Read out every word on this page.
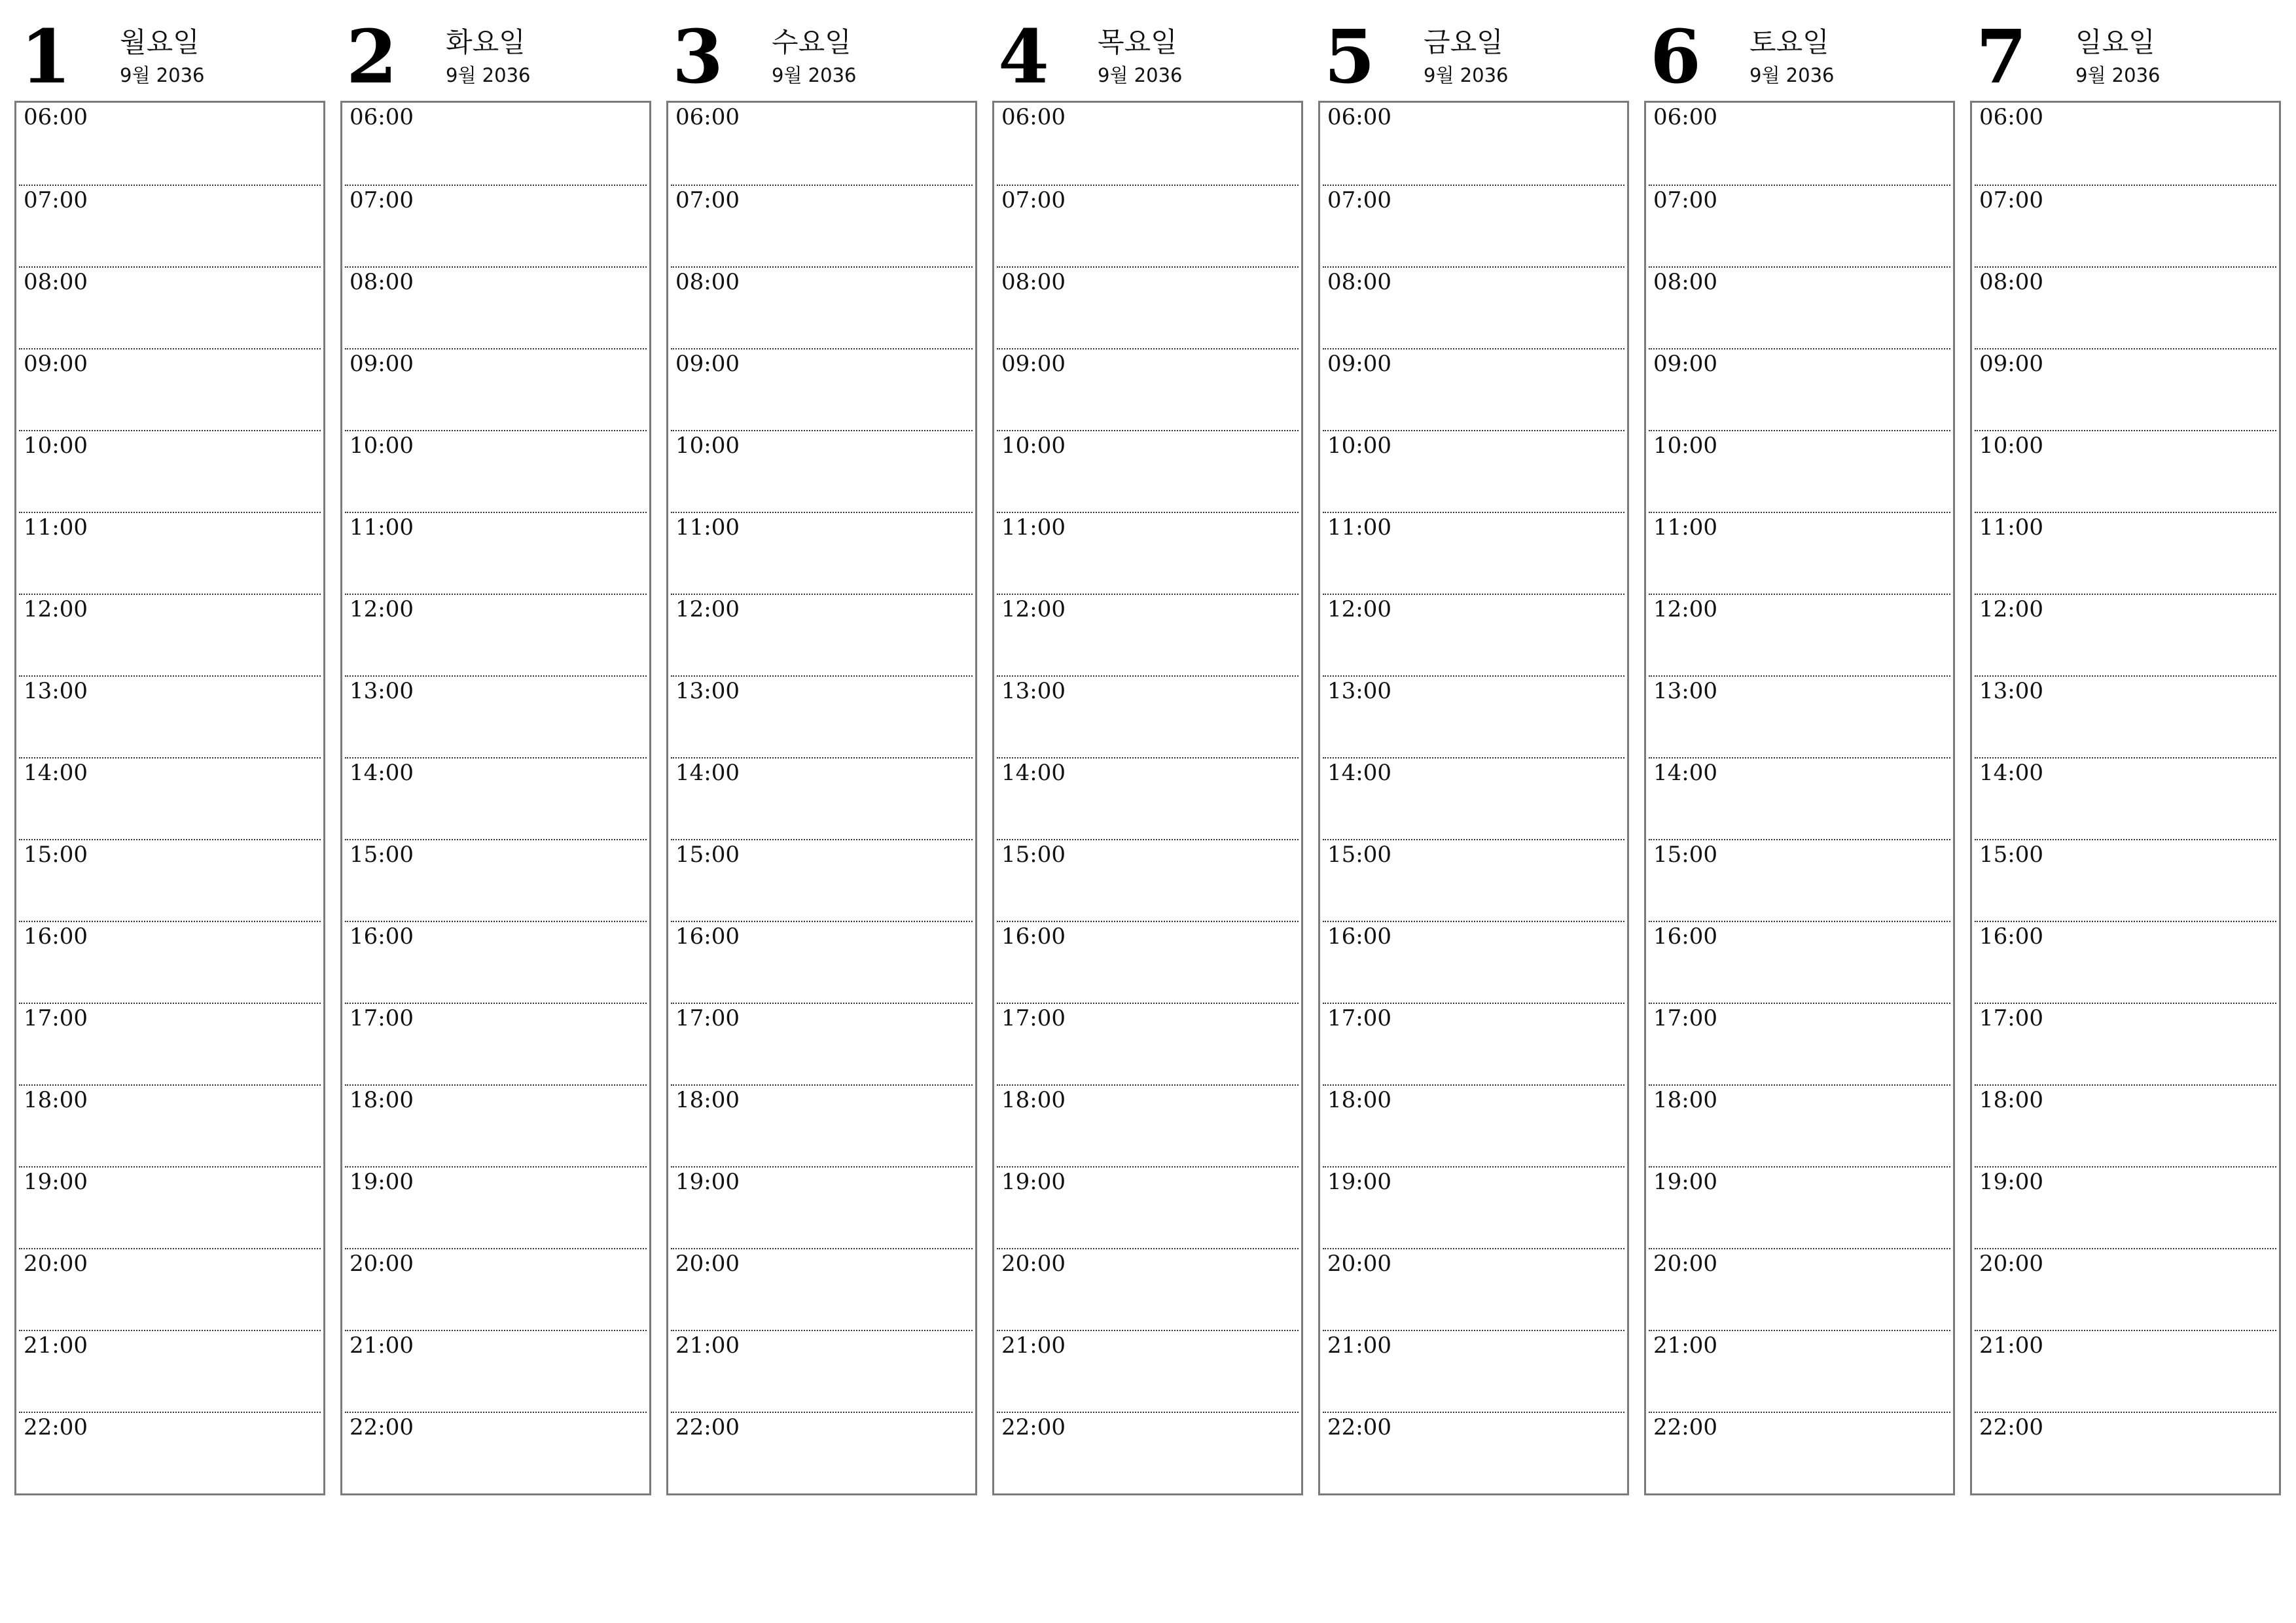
1 월요일
9월 2036
06:00
07:00
08:00
09:00
10:00
11:00
12:00
13:00
14:00
15:00
16:00
17:00
18:00
19:00
20:00
21:00
22:00
2 화요일
9월 2036
06:00
07:00
08:00
09:00
10:00
11:00
12:00
13:00
14:00
15:00
16:00
17:00
18:00
19:00
20:00
21:00
22:00
3 수요일
9월 2036
06:00
07:00
08:00
09:00
10:00
11:00
12:00
13:00
14:00
15:00
16:00
17:00
18:00
19:00
20:00
21:00
22:00
4 목요일
9월 2036
06:00
07:00
08:00
09:00
10:00
11:00
12:00
13:00
14:00
15:00
16:00
17:00
18:00
19:00
20:00
21:00
22:00
5 금요일
9월 2036
06:00
07:00
08:00
09:00
10:00
11:00
12:00
13:00
14:00
15:00
16:00
17:00
18:00
19:00
20:00
21:00
22:00
6 토요일
9월 2036
06:00
07:00
08:00
09:00
10:00
11:00
12:00
13:00
14:00
15:00
16:00
17:00
18:00
19:00
20:00
21:00
22:00
7 일요일
9월 2036
06:00
07:00
08:00
09:00
10:00
11:00
12:00
13:00
14:00
15:00
16:00
17:00
18:00
19:00
20:00
21:00
22:00
